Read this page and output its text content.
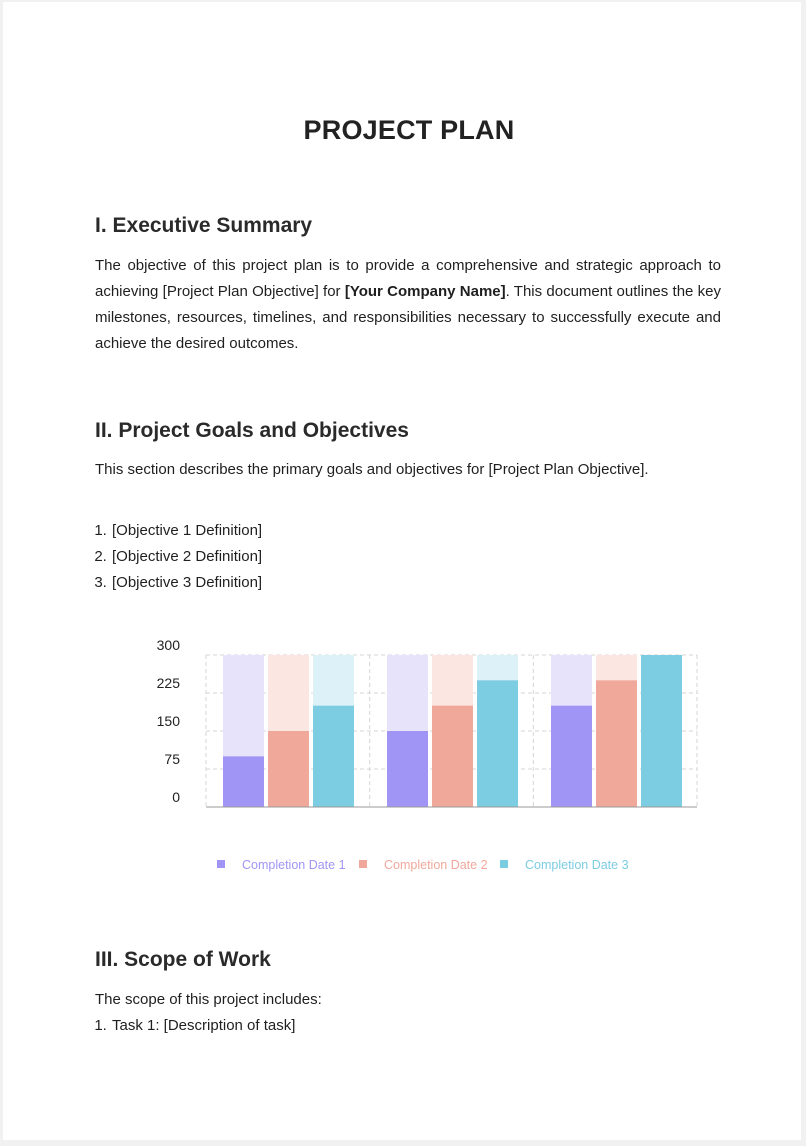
PROJECT PLAN
I. Executive Summary
The objective of this project plan is to provide a comprehensive and strategic approach to achieving [Project Plan Objective] for [Your Company Name]. This document outlines the key milestones, resources, timelines, and responsibilities necessary to successfully execute and achieve the desired outcomes.
II. Project Goals and Objectives
This section describes the primary goals and objectives for [Project Plan Objective].
1. [Objective 1 Definition]
2. [Objective 2 Definition]
3. [Objective 3 Definition]
300
225
150
75
0
Completion Date 1	Completion Date 2	Completion Date 3
III. Scope of Work
The scope of this project includes:
1. Task 1: [Description of task]
